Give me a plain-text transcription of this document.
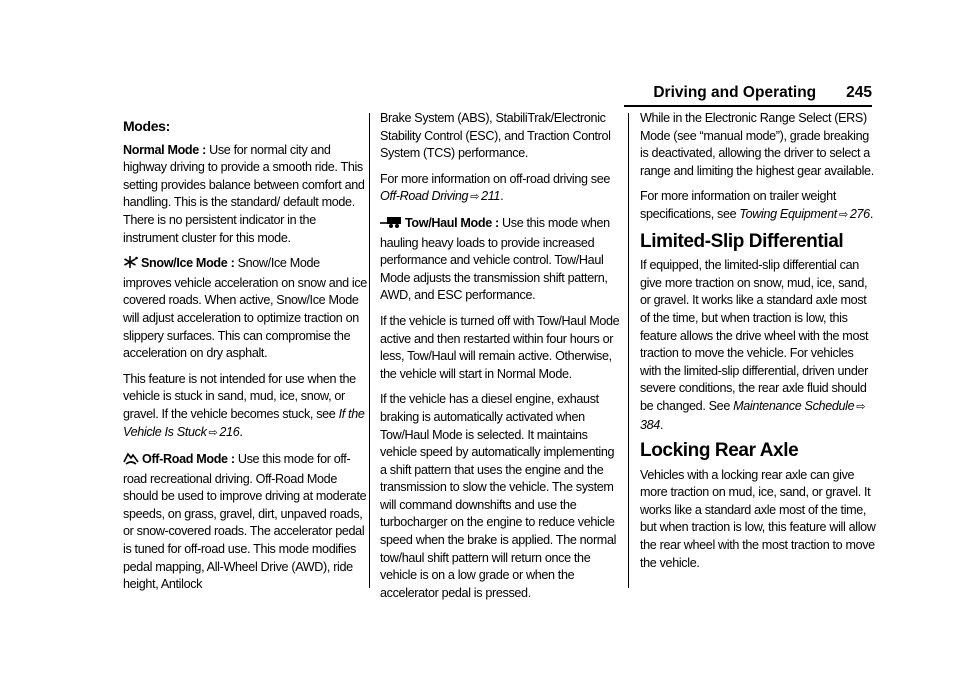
Driving and Operating 245
Modes:

Normal Mode : Use for normal city and highway driving to provide a smooth ride. This setting provides balance between comfort and handling. This is the standard/ default mode. There is no persistent indicator in the instrument cluster for this mode.

Snow/Ice Mode : Snow/Ice Mode improves vehicle acceleration on snow and ice covered roads. When active, Snow/Ice Mode will adjust acceleration to optimize traction on slippery surfaces. This can compromise the acceleration on dry asphalt.

This feature is not intended for use when the vehicle is stuck in sand, mud, ice, snow, or gravel. If the vehicle becomes stuck, see If the Vehicle Is Stuck ⇨ 216.

Off-Road Mode : Use this mode for off-road recreational driving. Off-Road Mode should be used to improve driving at moderate speeds, on grass, gravel, dirt, unpaved roads, or snow-covered roads. The accelerator pedal is tuned for off-road use. This mode modifies pedal mapping, All-Wheel Drive (AWD), ride height, Antilock

Brake System (ABS), StabiliTrak/Electronic Stability Control (ESC), and Traction Control System (TCS) performance.

For more information on off-road driving see Off-Road Driving ⇨ 211.

Tow/Haul Mode : Use this mode when hauling heavy loads to provide increased performance and vehicle control. Tow/Haul Mode adjusts the transmission shift pattern, AWD, and ESC performance.

If the vehicle is turned off with Tow/Haul Mode active and then restarted within four hours or less, Tow/Haul will remain active. Otherwise, the vehicle will start in Normal Mode.

If the vehicle has a diesel engine, exhaust braking is automatically activated when Tow/Haul Mode is selected. It maintains vehicle speed by automatically implementing a shift pattern that uses the engine and the transmission to slow the vehicle. The system will command downshifts and use the turbocharger on the engine to reduce vehicle speed when the brake is applied. The normal tow/haul shift pattern will return once the vehicle is on a low grade or when the accelerator pedal is pressed.

While in the Electronic Range Select (ERS) Mode (see “manual mode”), grade breaking is deactivated, allowing the driver to select a range and limiting the highest gear available.

For more information on trailer weight specifications, see Towing Equipment ⇨ 276.

Limited-Slip Differential

If equipped, the limited-slip differential can give more traction on snow, mud, ice, sand, or gravel. It works like a standard axle most of the time, but when traction is low, this feature allows the drive wheel with the most traction to move the vehicle. For vehicles with the limited-slip differential, driven under severe conditions, the rear axle fluid should be changed. See Maintenance Schedule ⇨384.

Locking Rear Axle

Vehicles with a locking rear axle can give more traction on mud, ice, sand, or gravel. It works like a standard axle most of the time, but when traction is low, this feature will allow the rear wheel with the most traction to move the vehicle.
